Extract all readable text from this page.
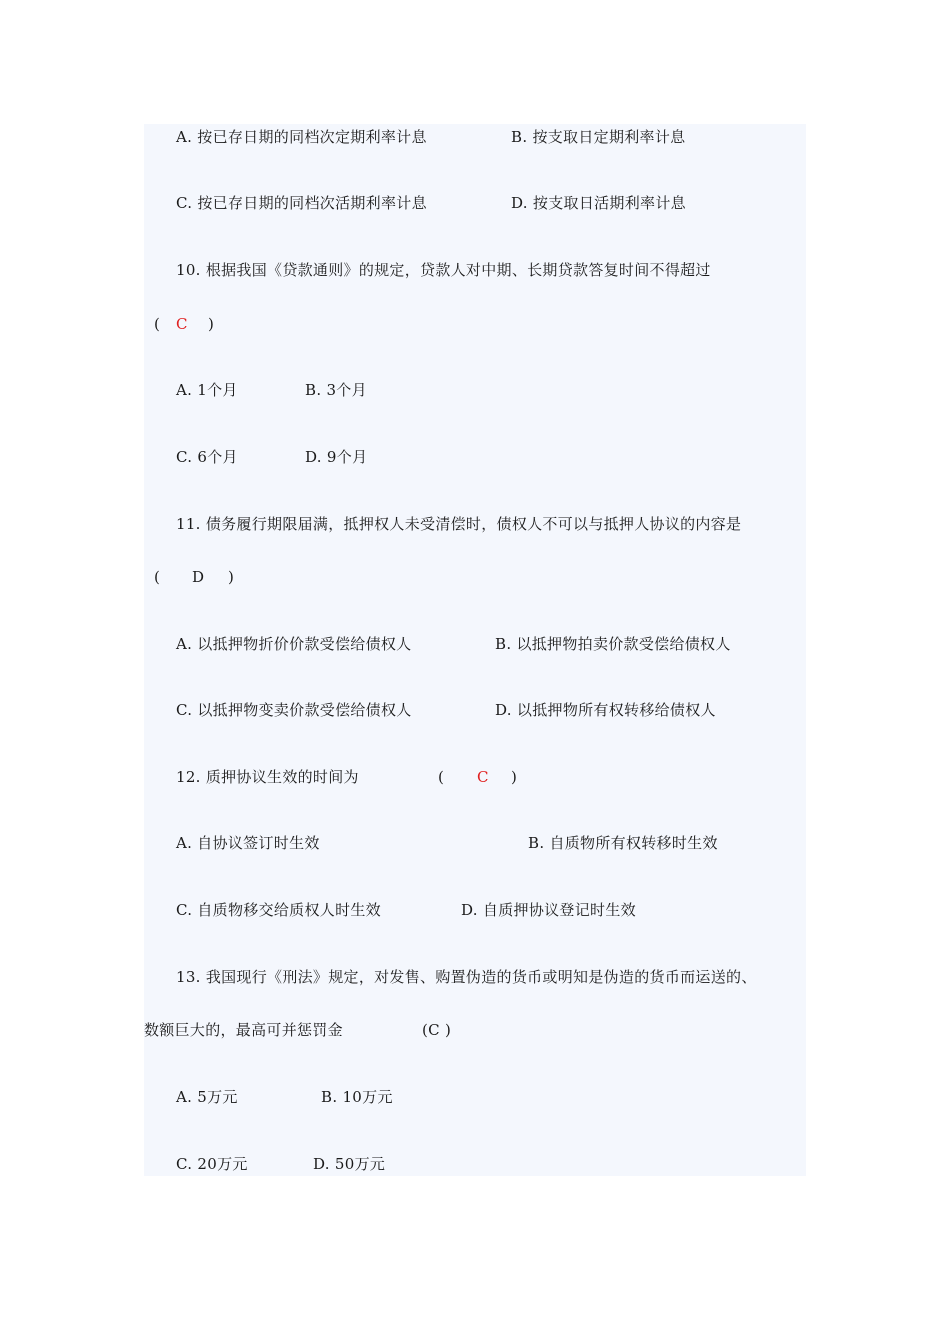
A. 按已存日期的同档次定期利率计息	B. 按支取日定期利率计息
C. 按已存日期的同档次活期利率计息	D. 按支取日活期利率计息
10. 根据我国《贷款通则》的规定，贷款人对中期、长期贷款答复时间不得超过
( C )
A. 1个月	B. 3个月
C. 6个月	D. 9个月
11. 债务履行期限届满，抵押权人未受清偿时，债权人不可以与抵押人协议的内容是
( D )
A. 以抵押物折价价款受偿给债权人	B. 以抵押物拍卖价款受偿给债权人
C. 以抵押物变卖价款受偿给债权人	D. 以抵押物所有权转移给债权人
12. 质押协议生效的时间为	( C )
A. 自协议签订时生效	B. 自质物所有权转移时生效
C. 自质物移交给质权人时生效	D. 自质押协议登记时生效
13. 我国现行《刑法》规定，对发售、购置伪造的货币或明知是伪造的货币而运送的、
数额巨大的，最高可并惩罚金	(C )
A. 5万元	B. 10万元
C. 20万元	D. 50万元
